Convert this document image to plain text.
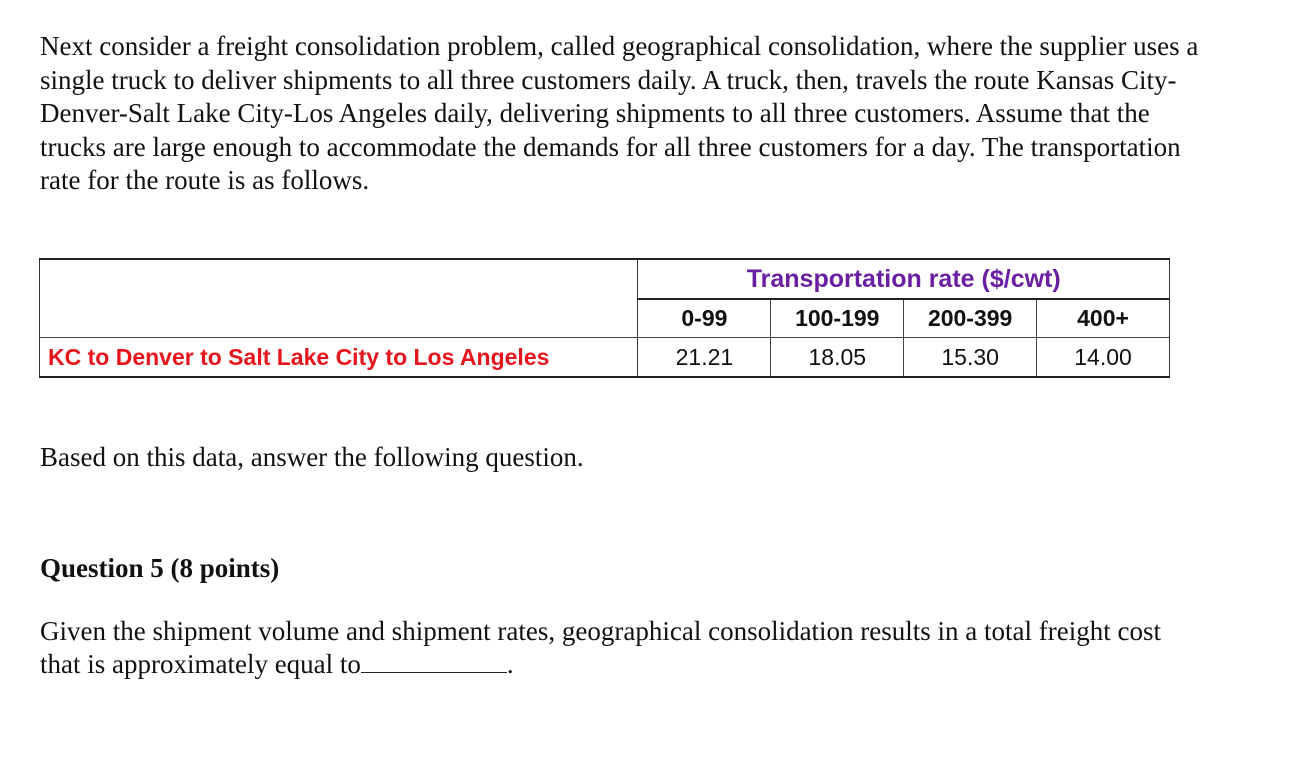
Next consider a freight consolidation problem, called geographical consolidation, where the supplier uses a single truck to deliver shipments to all three customers daily. A truck, then, travels the route Kansas City-Denver-Salt Lake City-Los Angeles daily, delivering shipments to all three customers. Assume that the trucks are large enough to accommodate the demands for all three customers for a day. The transportation rate for the route is as follows.
	Transportation rate ($/cwt)			
	0-99	100-199	200-399	400+
KC to Denver to Salt Lake City to Los Angeles	21.21	18.05	15.30	14.00
Based on this data, answer the following question.
Question 5 (8 points)
Given the shipment volume and shipment rates, geographical consolidation results in a total freight cost that is approximately equal to	.
